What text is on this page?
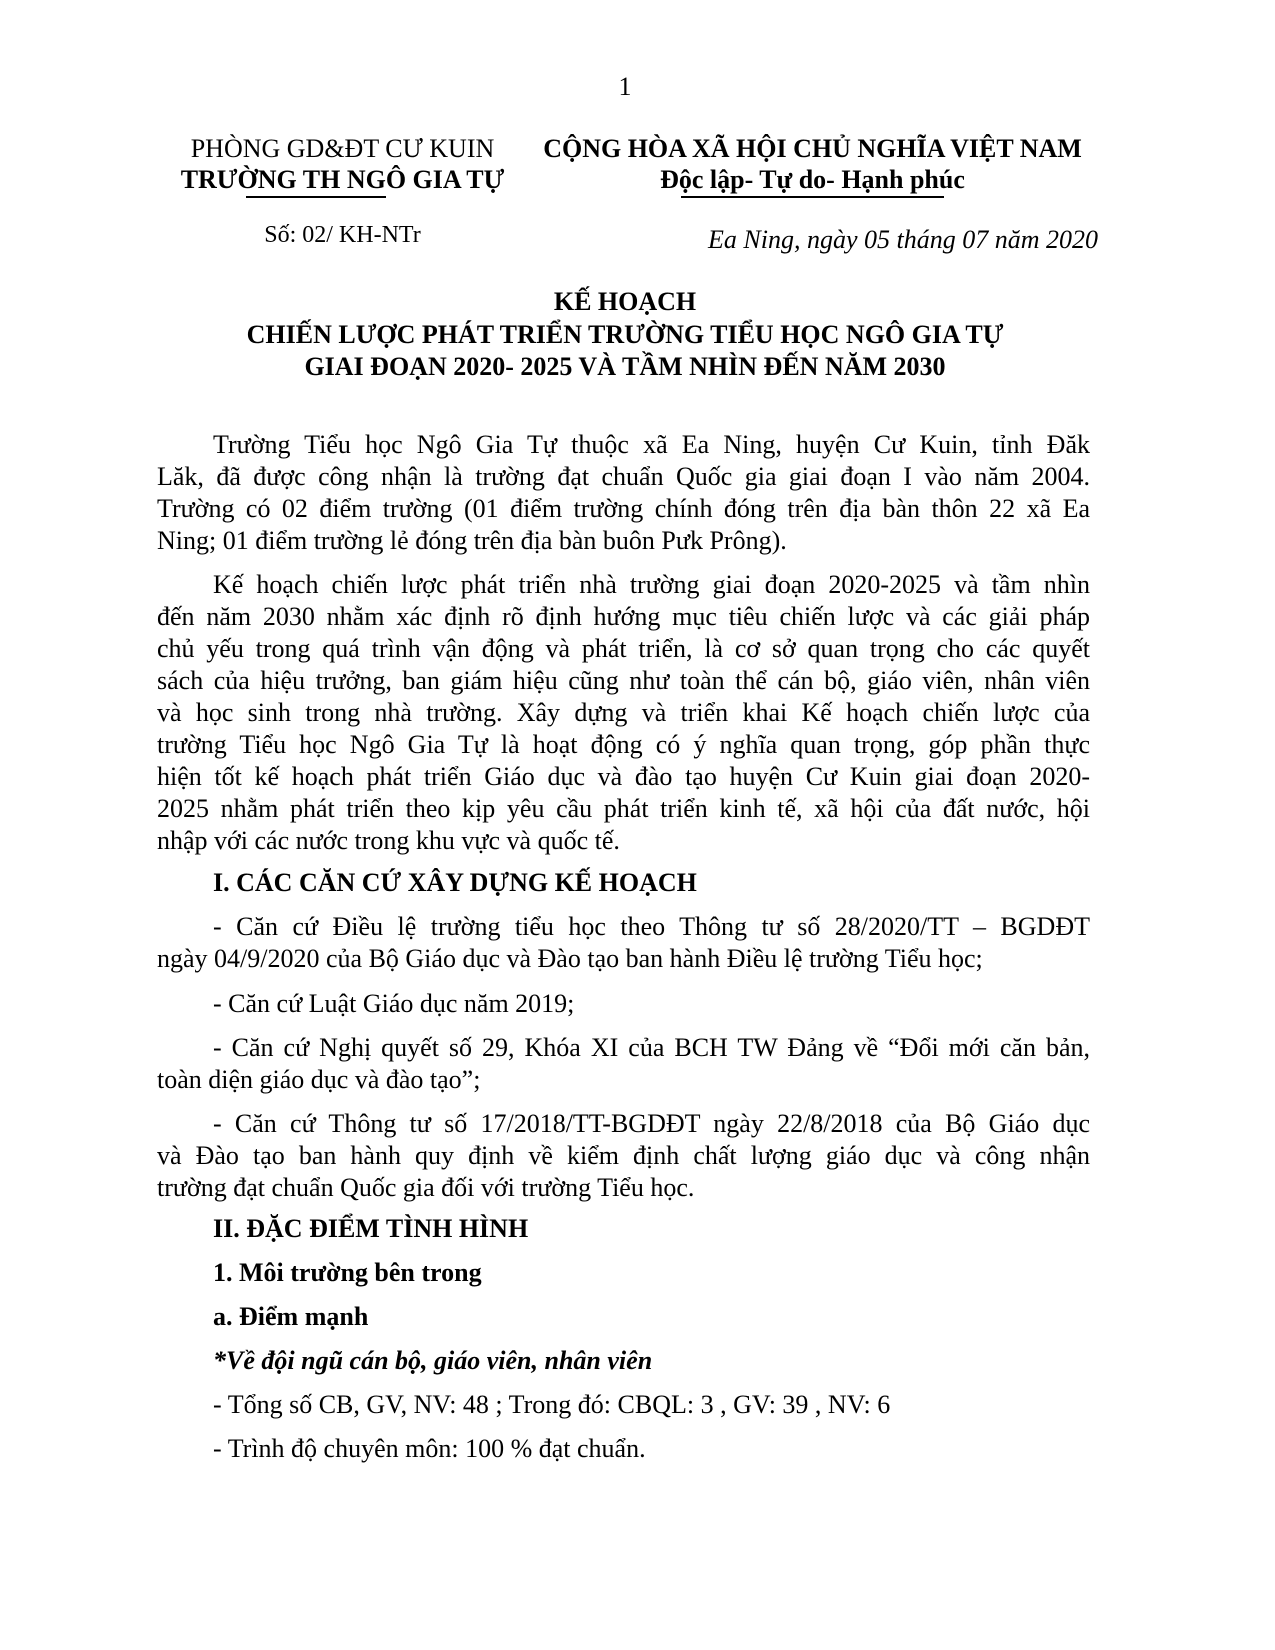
1
PHÒNG GD&ĐT CƯ KUIN
TRƯỜNG TH NGÔ GIA TỰ
CỘNG HÒA XÃ HỘI CHỦ NGHĨA VIỆT NAM
Độc lập- Tự do- Hạnh phúc
Số: 02/ KH-NTr	Ea Ning, ngày 05 tháng 07 năm 2020
KẾ HOẠCH
CHIẾN LƯỢC PHÁT TRIỂN TRƯỜNG TIỂU HỌC NGÔ GIA TỰ
GIAI ĐOẠN 2020- 2025 VÀ TẦM NHÌN ĐẾN NĂM 2030
Trường Tiểu học Ngô Gia Tự thuộc xã Ea Ning, huyện Cư Kuin, tỉnh Đăk
Lăk, đã được công nhận là trường đạt chuẩn Quốc gia giai đoạn I vào năm 2004.
Trường có 02 điểm trường (01 điểm trường chính đóng trên địa bàn thôn 22 xã Ea
Ning; 01 điểm trường lẻ đóng trên địa bàn buôn Pưk Prông).
Kế hoạch chiến lược phát triển nhà trường giai đoạn 2020-2025 và tầm nhìn
đến năm 2030 nhằm xác định rõ định hướng mục tiêu chiến lược và các giải pháp
chủ yếu trong quá trình vận động và phát triển, là cơ sở quan trọng cho các quyết
sách của hiệu trưởng, ban giám hiệu cũng như toàn thể cán bộ, giáo viên, nhân viên
và học sinh trong nhà trường. Xây dựng và triển khai Kế hoạch chiến lược của
trường Tiểu học Ngô Gia Tự là hoạt động có ý nghĩa quan trọng, góp phần thực
hiện tốt kế hoạch phát triển Giáo dục và đào tạo huyện Cư Kuin giai đoạn 2020-
2025 nhằm phát triển theo kịp yêu cầu phát triển kinh tế, xã hội của đất nước, hội
nhập với các nước trong khu vực và quốc tế.
I. CÁC CĂN CỨ XÂY DỰNG KẾ HOẠCH
- Căn cứ Điều lệ trường tiểu học theo Thông tư số 28/2020/TT – BGDĐT
ngày 04/9/2020 của Bộ Giáo dục và Đào tạo ban hành Điều lệ trường Tiểu học;
- Căn cứ Luật Giáo dục năm 2019;
- Căn cứ Nghị quyết số 29, Khóa XI của BCH TW Đảng về “Đổi mới căn bản,
toàn diện giáo dục và đào tạo”;
- Căn cứ Thông tư số 17/2018/TT-BGDĐT ngày 22/8/2018 của Bộ Giáo dục
và Đào tạo ban hành quy định về kiểm định chất lượng giáo dục và công nhận
trường đạt chuẩn Quốc gia đối với trường Tiểu học.
II. ĐẶC ĐIỂM TÌNH HÌNH
1. Môi trường bên trong
a. Điểm mạnh
*Về đội ngũ cán bộ, giáo viên, nhân viên
- Tổng số CB, GV, NV: 48 ; Trong đó: CBQL: 3 , GV: 39 , NV: 6
- Trình độ chuyên môn: 100 % đạt chuẩn.
